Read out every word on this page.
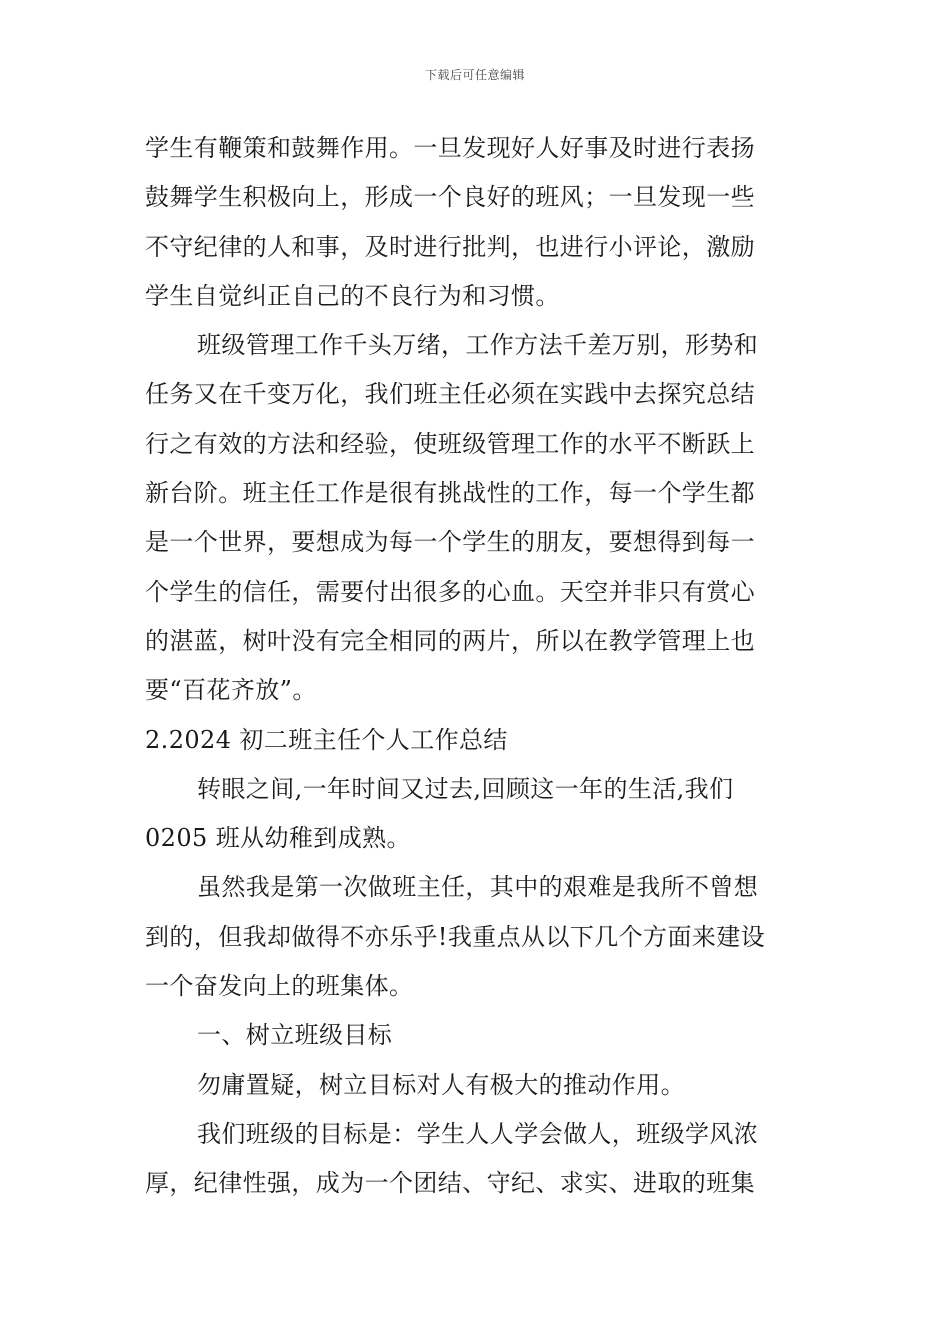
下载后可任意编辑
学生有鞭策和鼓舞作用。一旦发现好人好事及时进行表扬
鼓舞学生积极向上，形成一个良好的班风；一旦发现一些
不守纪律的人和事，及时进行批判，也进行小评论，激励
学生自觉纠正自己的不良行为和习惯。
班级管理工作千头万绪，工作方法千差万别，形势和
任务又在千变万化，我们班主任必须在实践中去探究总结
行之有效的方法和经验，使班级管理工作的水平不断跃上
新台阶。班主任工作是很有挑战性的工作，每一个学生都
是一个世界，要想成为每一个学生的朋友，要想得到每一
个学生的信任，需要付出很多的心血。天空并非只有赏心
的湛蓝，树叶没有完全相同的两片，所以在教学管理上也
要“百花齐放”。
2.2024 初二班主任个人工作总结
转眼之间,一年时间又过去,回顾这一年的生活,我们
0205 班从幼稚到成熟。
虽然我是第一次做班主任，其中的艰难是我所不曾想
到的，但我却做得不亦乐乎!我重点从以下几个方面来建设
一个奋发向上的班集体。
一、树立班级目标
勿庸置疑，树立目标对人有极大的推动作用。
我们班级的目标是：学生人人学会做人，班级学风浓
厚，纪律性强，成为一个团结、守纪、求实、进取的班集
